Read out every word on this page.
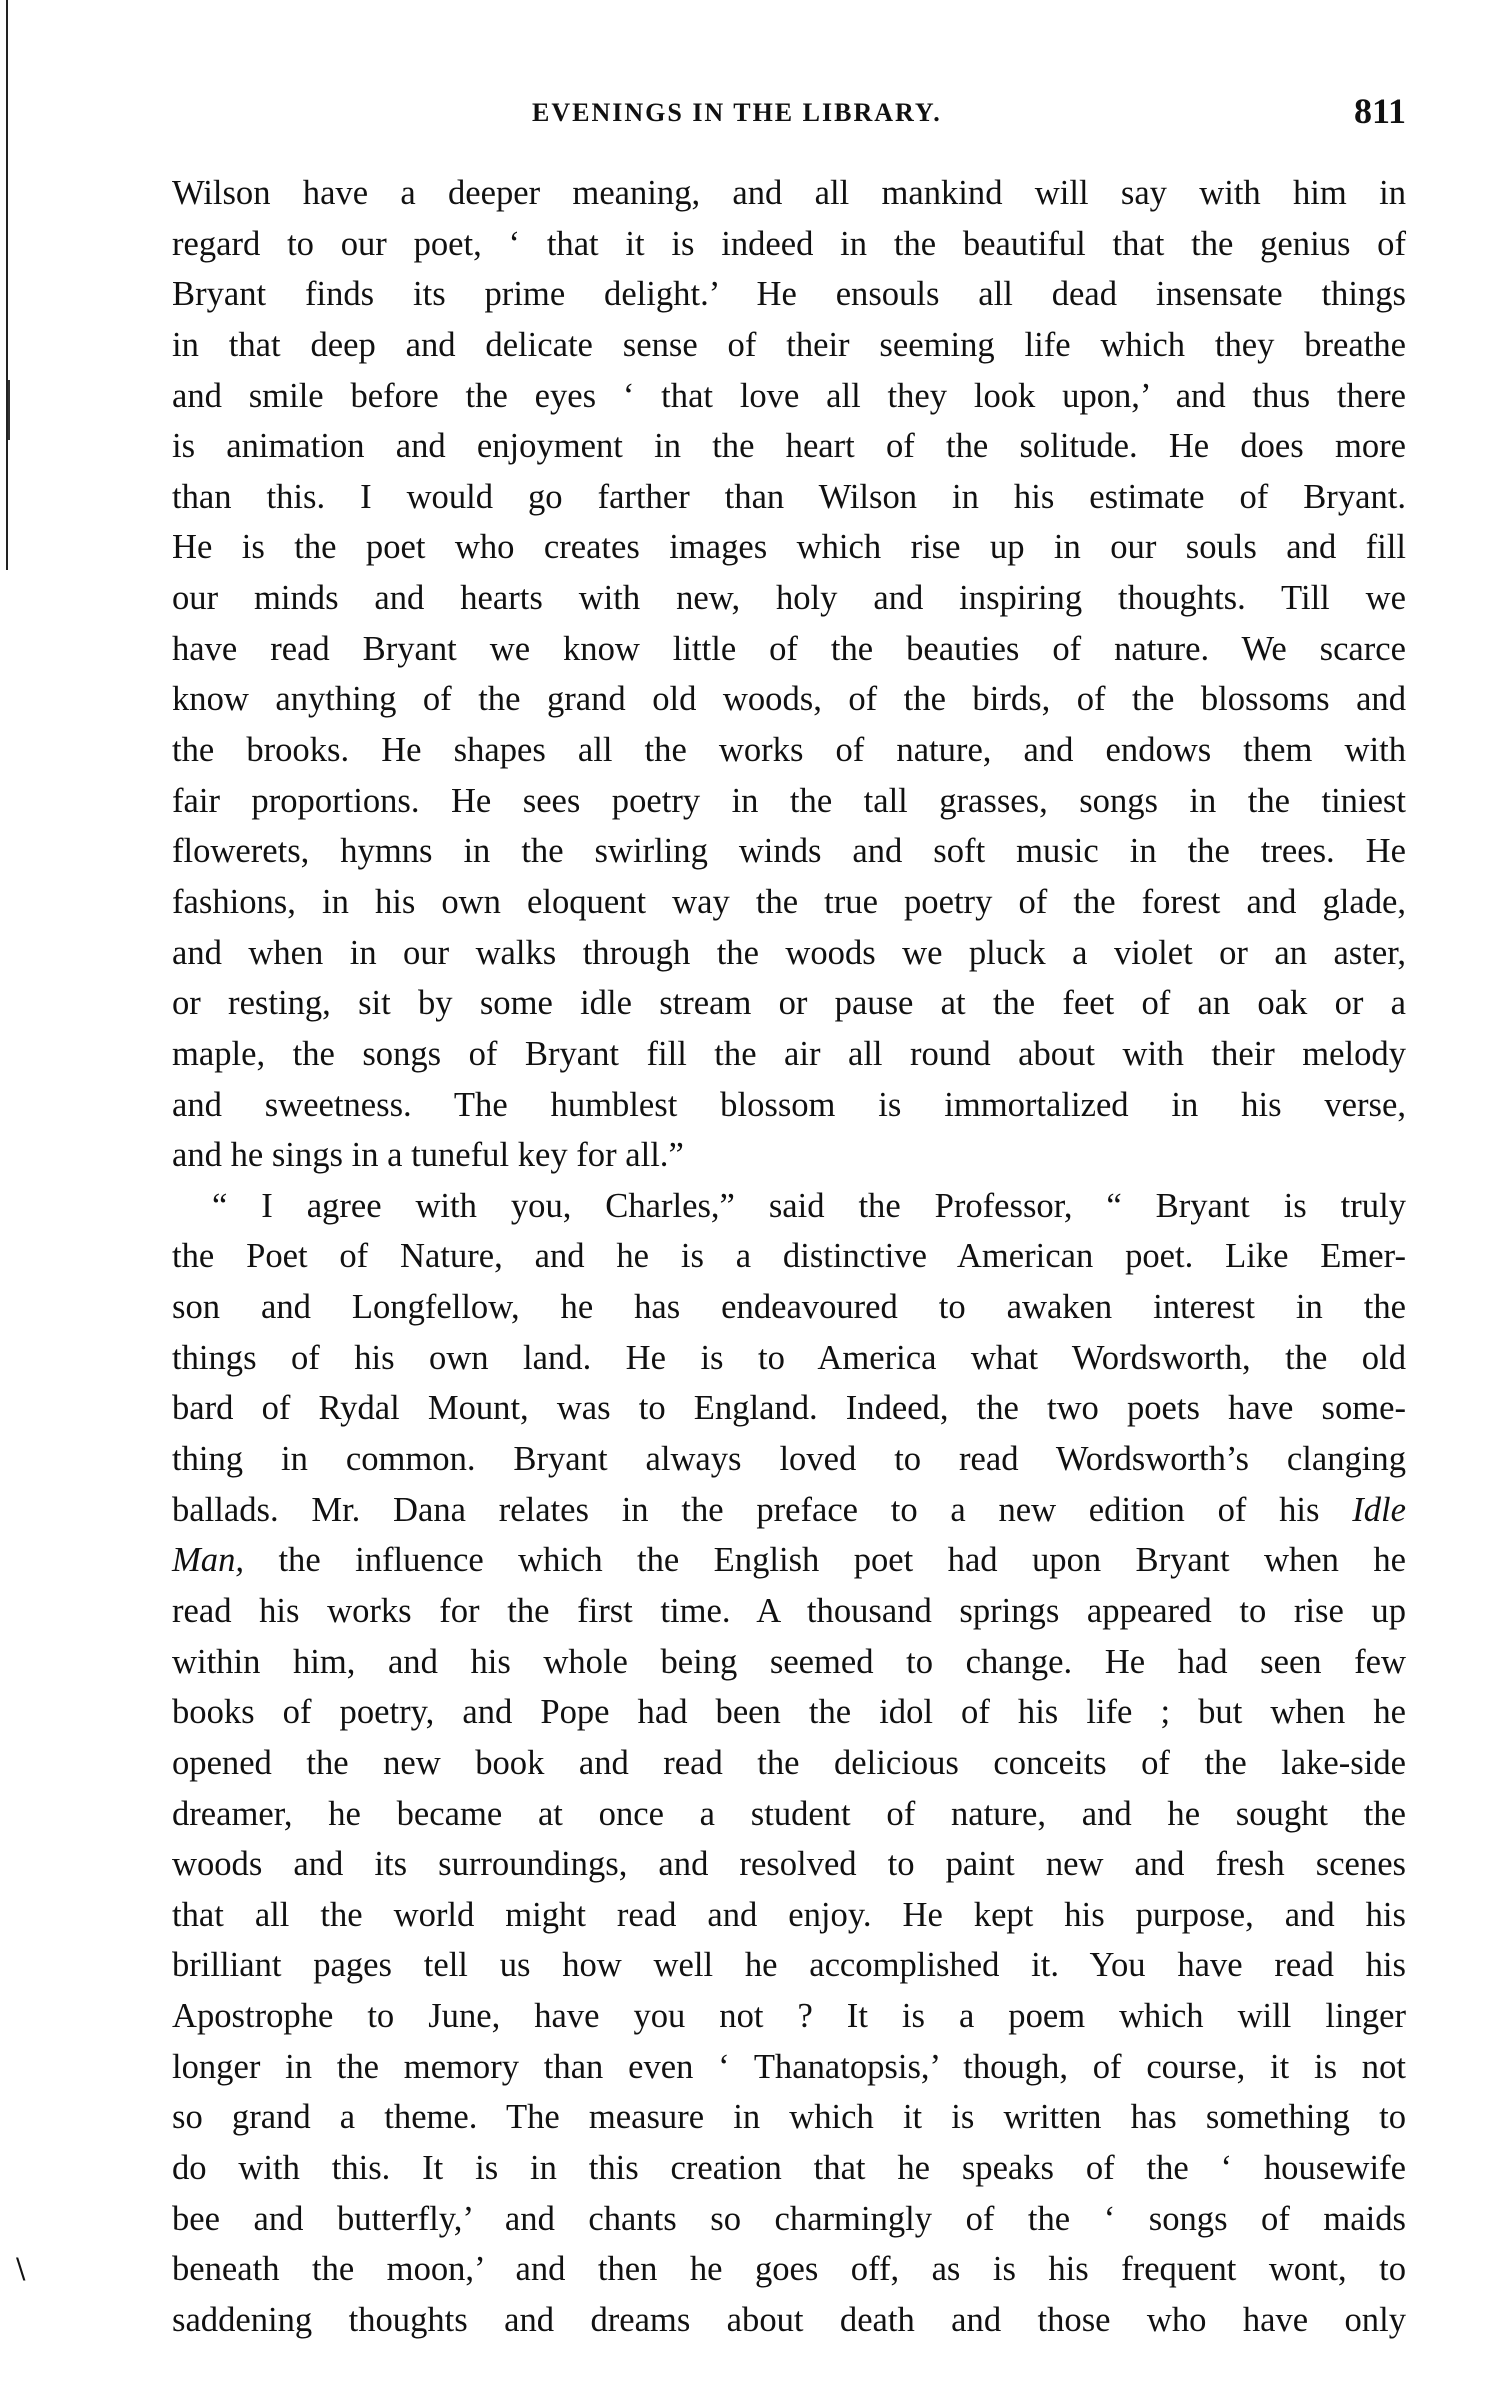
EVENINGS IN THE LIBRARY.	811
Wilson have a deeper meaning, and all mankind will say with him in
regard to our poet, ‘ that it is indeed in the beautiful that the genius of
Bryant finds its prime delight.’ He ensouls all dead insensate things
in that deep and delicate sense of their seeming life which they breathe
and smile before the eyes ‘ that love all they look upon,’ and thus there
is animation and enjoyment in the heart of the solitude. He does more
than this. I would go farther than Wilson in his estimate of Bryant.
He is the poet who creates images which rise up in our souls and fill
our minds and hearts with new, holy and inspiring thoughts. Till we
have read Bryant we know little of the beauties of nature. We scarce
know anything of the grand old woods, of the birds, of the blossoms and
the brooks. He shapes all the works of nature, and endows them with
fair proportions. He sees poetry in the tall grasses, songs in the tiniest
flowerets, hymns in the swirling winds and soft music in the trees. He
fashions, in his own eloquent way the true poetry of the forest and glade,
and when in our walks through the woods we pluck a violet or an aster,
or resting, sit by some idle stream or pause at the feet of an oak or a
maple, the songs of Bryant fill the air all round about with their melody
and sweetness. The humblest blossom is immortalized in his verse,
and he sings in a tuneful key for all.”
“ I agree with you, Charles,” said the Professor, “ Bryant is truly
the Poet of Nature, and he is a distinctive American poet. Like Emer-
son and Longfellow, he has endeavoured to awaken interest in the
things of his own land. He is to America what Wordsworth, the old
bard of Rydal Mount, was to England. Indeed, the two poets have some-
thing in common. Bryant always loved to read Wordsworth’s clanging
ballads. Mr. Dana relates in the preface to a new edition of his Idle
Man, the influence which the English poet had upon Bryant when he
read his works for the first time. A thousand springs appeared to rise up
within him, and his whole being seemed to change. He had seen few
books of poetry, and Pope had been the idol of his life ; but when he
opened the new book and read the delicious conceits of the lake-side
dreamer, he became at once a student of nature, and he sought the
woods and its surroundings, and resolved to paint new and fresh scenes
that all the world might read and enjoy. He kept his purpose, and his
brilliant pages tell us how well he accomplished it. You have read his
Apostrophe to June, have you not ? It is a poem which will linger
longer in the memory than even ‘ Thanatopsis,’ though, of course, it is not
so grand a theme. The measure in which it is written has something to
do with this. It is in this creation that he speaks of the ‘ housewife
bee and butterfly,’ and chants so charmingly of the ‘ songs of maids
beneath the moon,’ and then he goes off, as is his frequent wont, to
saddening thoughts and dreams about death and those who have only
\
